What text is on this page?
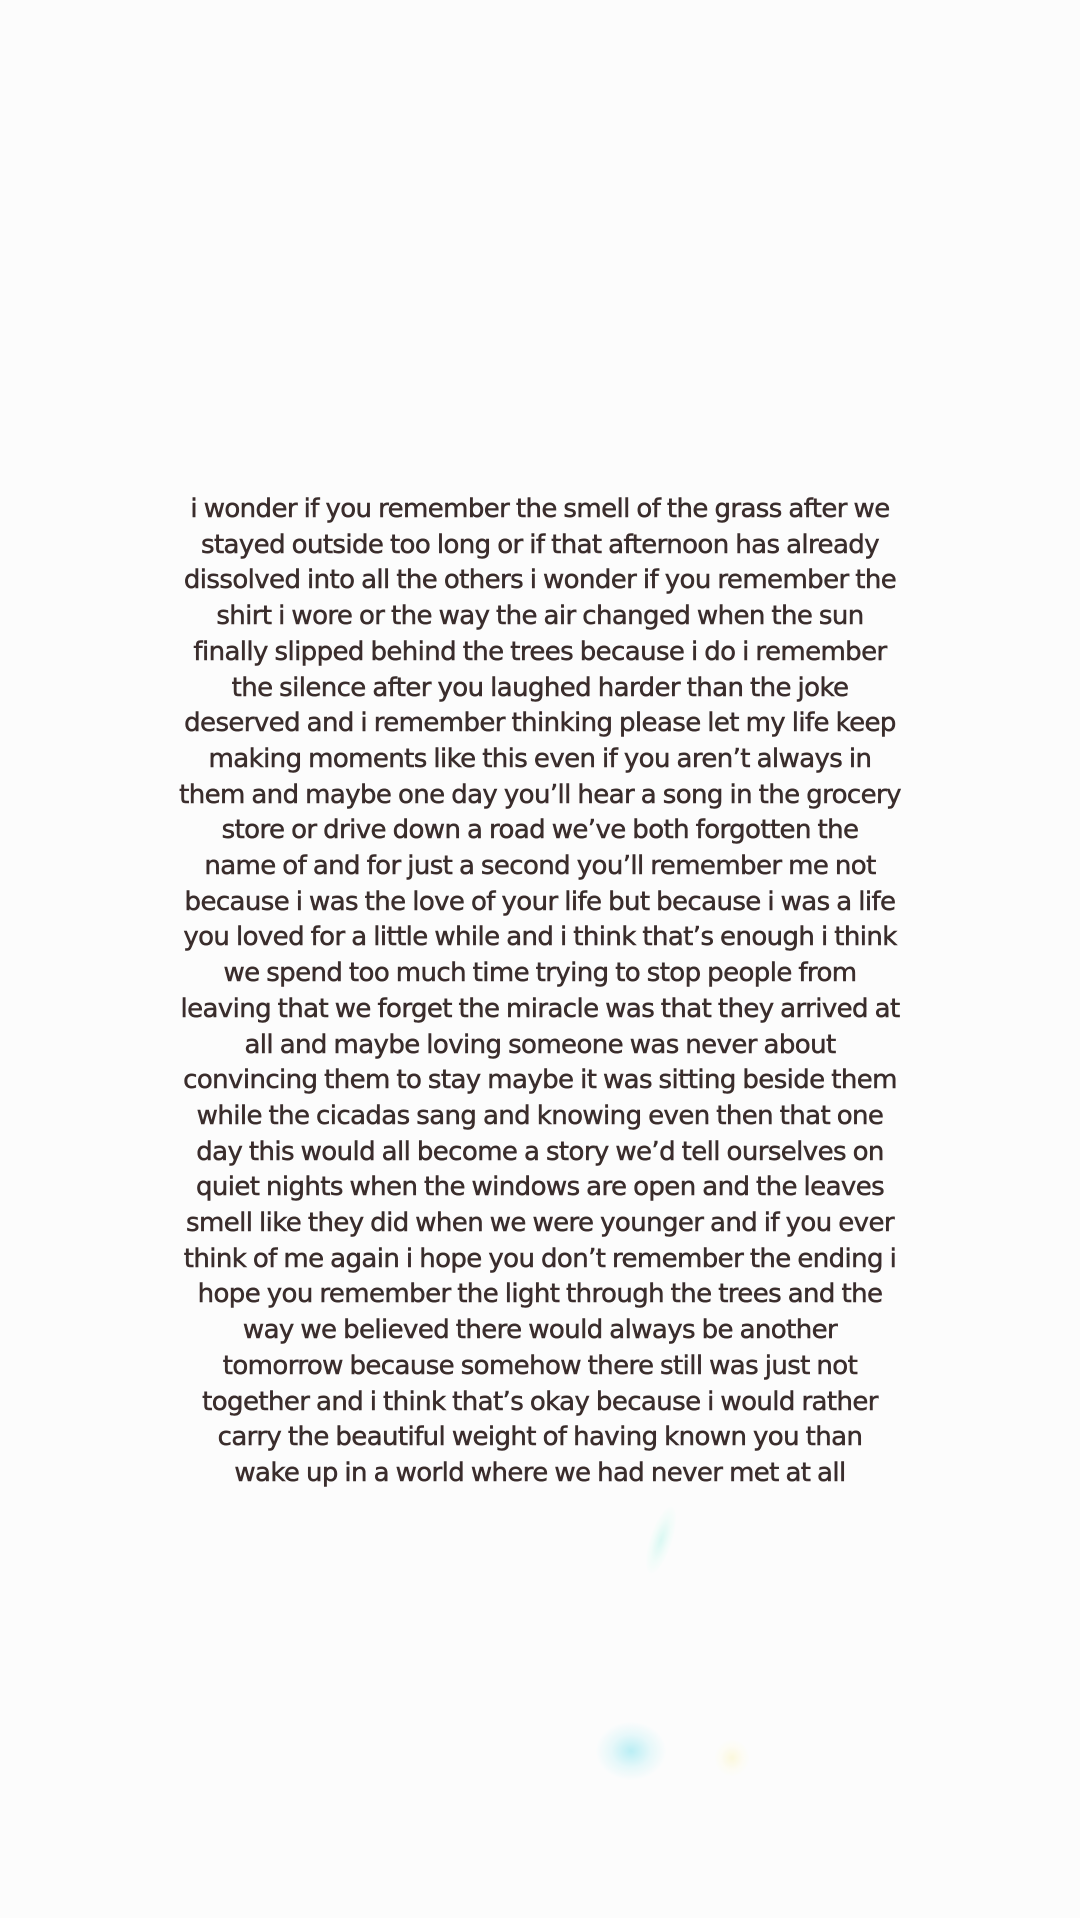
i wonder if you remember the smell of the grass after we
stayed outside too long or if that afternoon has already
dissolved into all the others i wonder if you remember the
shirt i wore or the way the air changed when the sun
finally slipped behind the trees because i do i remember
the silence after you laughed harder than the joke
deserved and i remember thinking please let my life keep
making moments like this even if you aren’t always in
them and maybe one day you’ll hear a song in the grocery
store or drive down a road we’ve both forgotten the
name of and for just a second you’ll remember me not
because i was the love of your life but because i was a life
you loved for a little while and i think that’s enough i think
we spend too much time trying to stop people from
leaving that we forget the miracle was that they arrived at
all and maybe loving someone was never about
convincing them to stay maybe it was sitting beside them
while the cicadas sang and knowing even then that one
day this would all become a story we’d tell ourselves on
quiet nights when the windows are open and the leaves
smell like they did when we were younger and if you ever
think of me again i hope you don’t remember the ending i
hope you remember the light through the trees and the
way we believed there would always be another
tomorrow because somehow there still was just not
together and i think that’s okay because i would rather
carry the beautiful weight of having known you than
wake up in a world where we had never met at all
